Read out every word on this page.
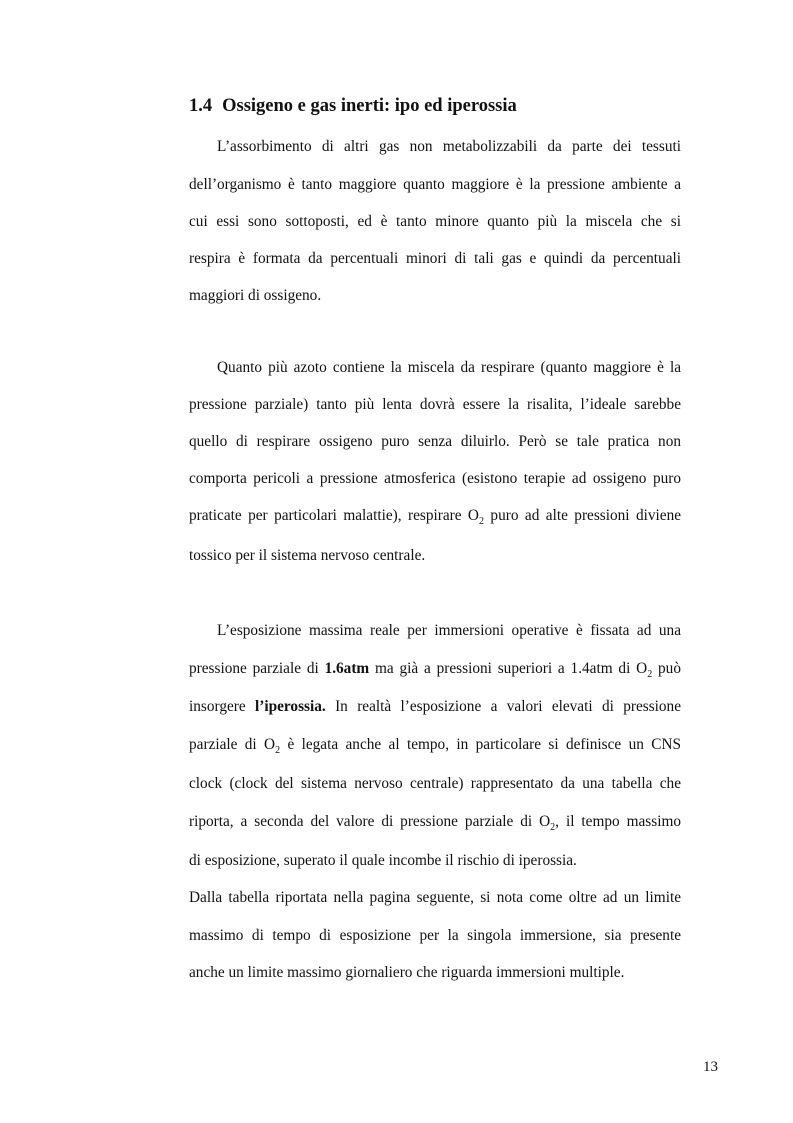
1.4 Ossigeno e gas inerti: ipo ed iperossia
L’assorbimento di altri gas non metabolizzabili da parte dei tessuti
dell’organismo è tanto maggiore quanto maggiore è la pressione ambiente a
cui essi sono sottoposti, ed è tanto minore quanto più la miscela che si
respira è formata da percentuali minori di tali gas e quindi da percentuali
maggiori di ossigeno.
Quanto più azoto contiene la miscela da respirare (quanto maggiore è la
pressione parziale) tanto più lenta dovrà essere la risalita, l’ideale sarebbe
quello di respirare ossigeno puro senza diluirlo. Però se tale pratica non
comporta pericoli a pressione atmosferica (esistono terapie ad ossigeno puro
praticate per particolari malattie), respirare $O_2$ puro ad alte pressioni diviene
tossico per il sistema nervoso centrale.
L’esposizione massima reale per immersioni operative è fissata ad una
pressione parziale di 1.6atm ma già a pressioni superiori a 1.4atm di $O_2$ può
insorgere l’iperossia. In realtà l’esposizione a valori elevati di pressione
parziale di $O_2$ è legata anche al tempo, in particolare si definisce un CNS
clock (clock del sistema nervoso centrale) rappresentato da una tabella che
riporta, a seconda del valore di pressione parziale di $O_2$, il tempo massimo
di esposizione, superato il quale incombe il rischio di iperossia.
Dalla tabella riportata nella pagina seguente, si nota come oltre ad un limite
massimo di tempo di esposizione per la singola immersione, sia presente
anche un limite massimo giornaliero che riguarda immersioni multiple.
13
